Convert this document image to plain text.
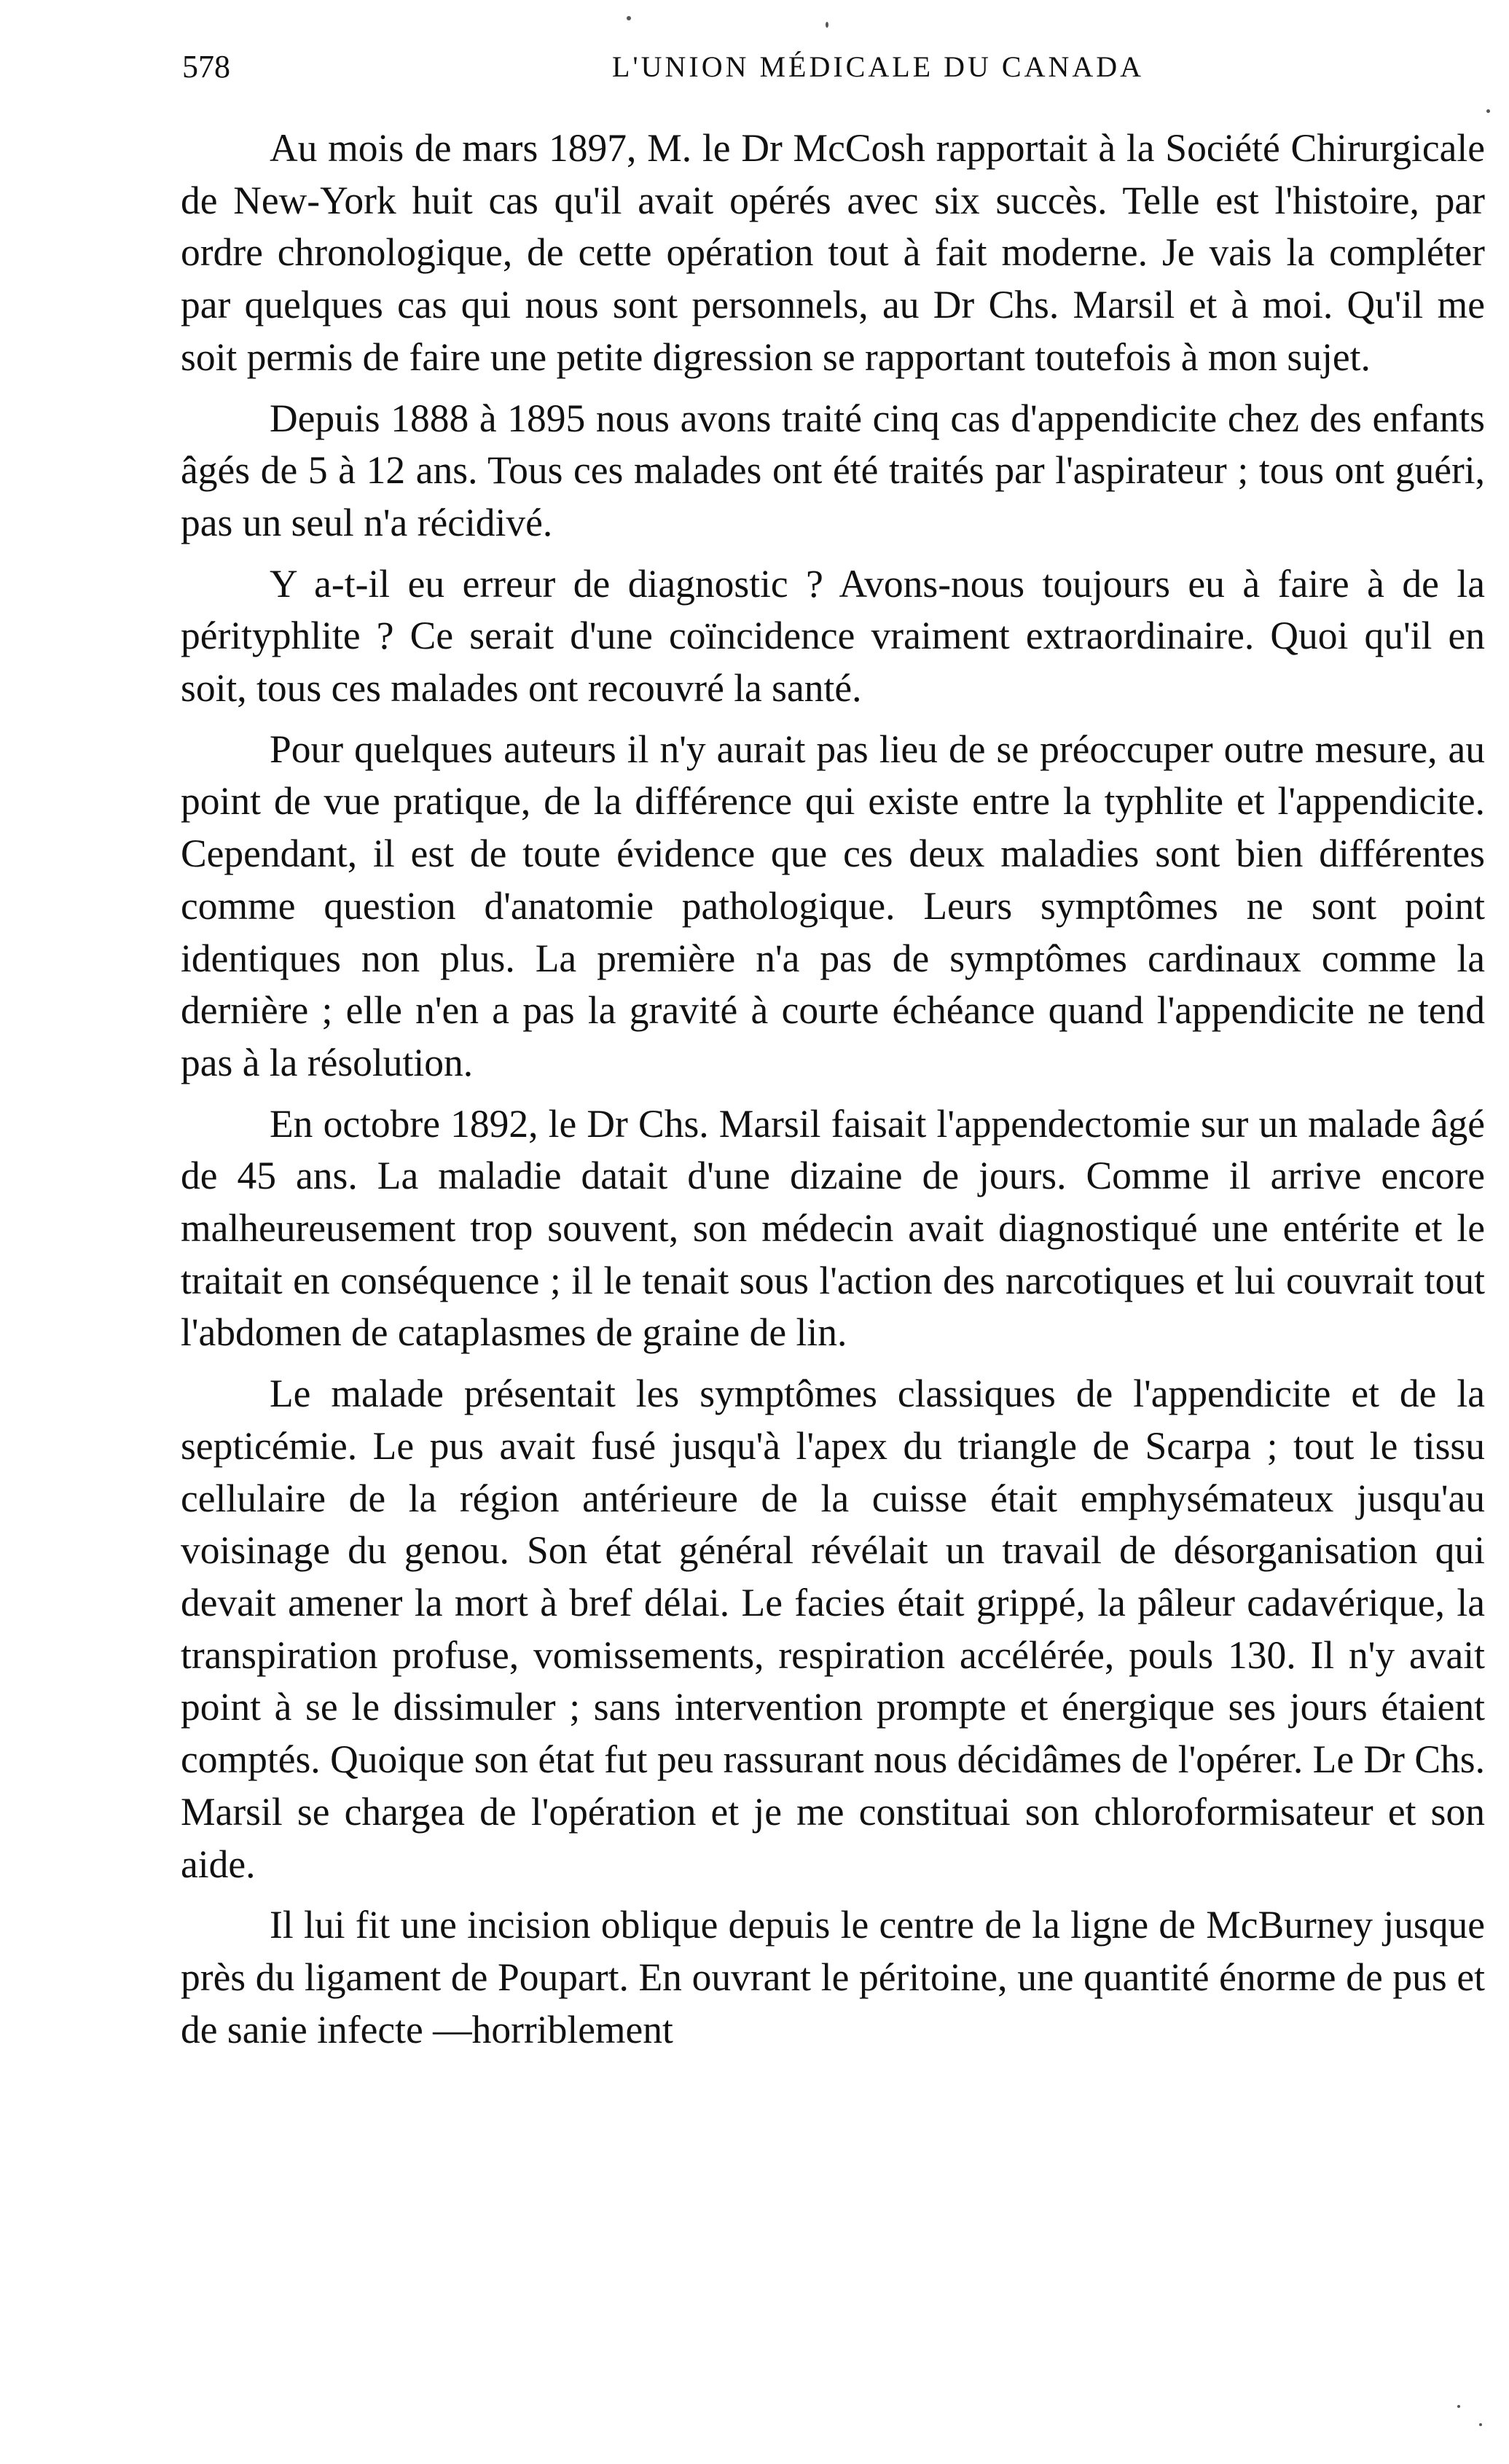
578	L'UNION MÉDICALE DU CANADA

Au mois de mars 1897, M. le Dr McCosh rapportait à la Société Chirurgicale de New-York huit cas qu'il avait opérés avec six succès. Telle est l'histoire, par ordre chronologique, de cette opération tout à fait moderne. Je vais la compléter par quelques cas qui nous sont personnels, au Dr Chs. Marsil et à moi. Qu'il me soit permis de faire une petite digression se rapportant toutefois à mon sujet.

Depuis 1888 à 1895 nous avons traité cinq cas d'appendicite chez des enfants âgés de 5 à 12 ans. Tous ces malades ont été traités par l'aspirateur ; tous ont guéri, pas un seul n'a récidivé.

Y a-t-il eu erreur de diagnostic ? Avons-nous toujours eu à faire à de la pérityphlite ? Ce serait d'une coïncidence vraiment extraordinaire. Quoi qu'il en soit, tous ces malades ont recouvré la santé.

Pour quelques auteurs il n'y aurait pas lieu de se préoccuper outre mesure, au point de vue pratique, de la différence qui existe entre la typhlite et l'appendicite. Cependant, il est de toute évidence que ces deux maladies sont bien différentes comme question d'anatomie pathologique. Leurs symptômes ne sont point identiques non plus. La première n'a pas de symptômes cardinaux comme la dernière ; elle n'en a pas la gravité à courte échéance quand l'appendicite ne tend pas à la résolution.

En octobre 1892, le Dr Chs. Marsil faisait l'appendectomie sur un malade âgé de 45 ans. La maladie datait d'une dizaine de jours. Comme il arrive encore malheureusement trop souvent, son médecin avait diagnostiqué une entérite et le traitait en conséquence ; il le tenait sous l'action des narcotiques et lui couvrait tout l'abdomen de cataplasmes de graine de lin.

Le malade présentait les symptômes classiques de l'appendicite et de la septicémie. Le pus avait fusé jusqu'à l'apex du triangle de Scarpa ; tout le tissu cellulaire de la région antérieure de la cuisse était emphysémateux jusqu'au voisinage du genou. Son état général révélait un travail de désorganisation qui devait amener la mort à bref délai. Le facies était grippé, la pâleur cadavérique, la transpiration profuse, vomissements, respiration accélérée, pouls 130. Il n'y avait point à se le dissimuler ; sans intervention prompte et énergique ses jours étaient comptés. Quoique son état fut peu rassurant nous décidâmes de l'opérer. Le Dr Chs. Marsil se chargea de l'opération et je me constituai son chloroformisateur et son aide.

Il lui fit une incision oblique depuis le centre de la ligne de McBurney jusque près du ligament de Poupart. En ouvrant le péritoine, une quantité énorme de pus et de sanie infecte —horriblement
